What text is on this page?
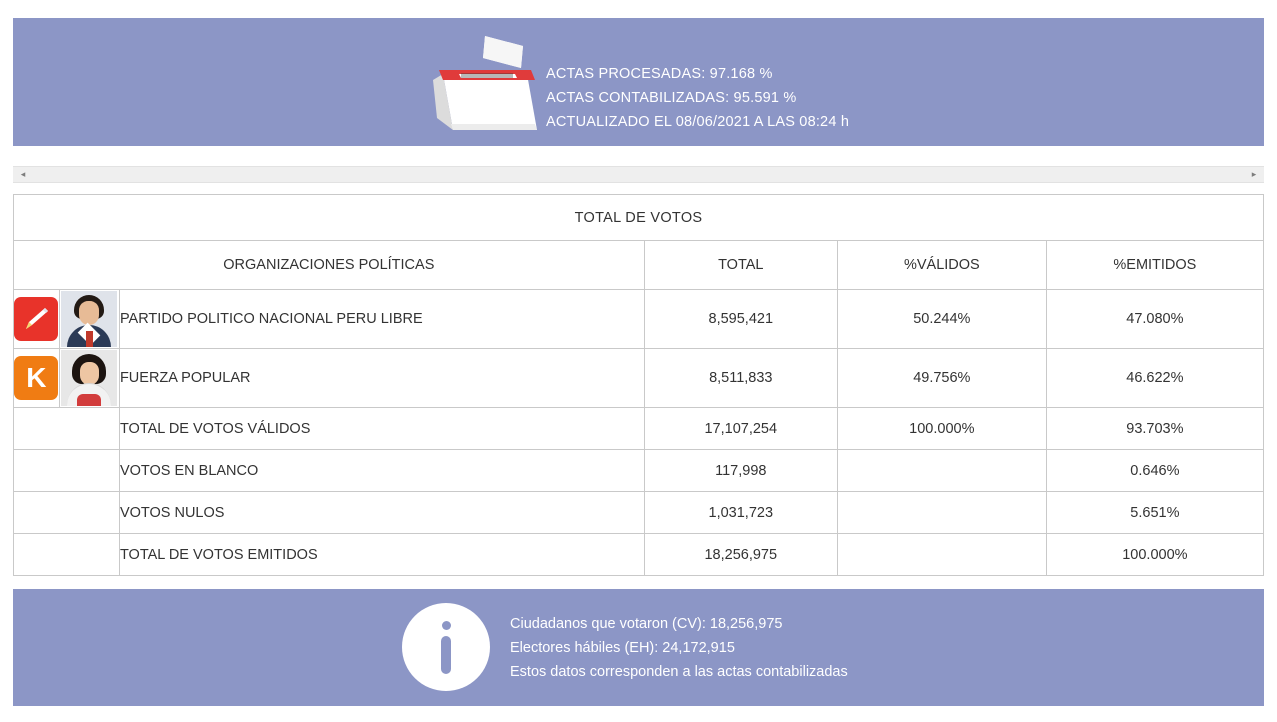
ACTAS PROCESADAS: 97.168 %
ACTAS CONTABILIZADAS: 95.591 %
ACTUALIZADO EL 08/06/2021 A LAS 08:24 h
◂	▸
TOTAL DE VOTOS					
ORGANIZACIONES POLÍTICAS			TOTAL	%VÁLIDOS	%EMITIDOS

	PARTIDO POLITICO NACIONAL PERU LIBRE	8,595,421	50.244%	47.080%

K		FUERZA POPULAR	8,511,833	49.756%	46.622%
		TOTAL DE VOTOS VÁLIDOS	17,107,254	100.000%	93.703%
		VOTOS EN BLANCO	117,998		0.646%
		VOTOS NULOS	1,031,723		5.651%
		TOTAL DE VOTOS EMITIDOS	18,256,975		100.000%
Ciudadanos que votaron (CV): 18,256,975
Electores hábiles (EH): 24,172,915
Estos datos corresponden a las actas contabilizadas
